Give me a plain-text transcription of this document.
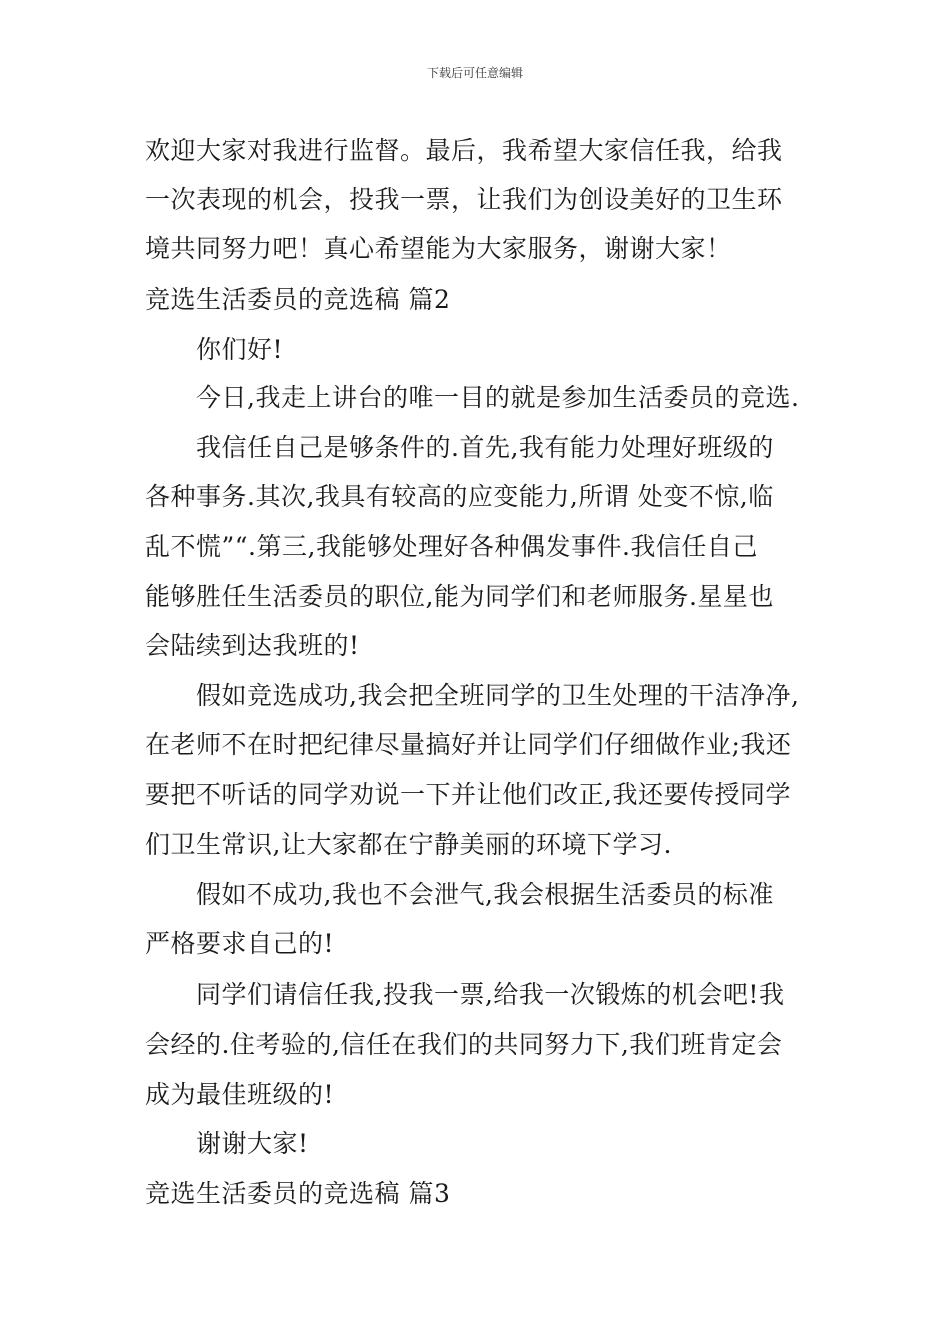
下载后可任意编辑
欢迎大家对我进行监督。最后，我希望大家信任我，给我
一次表现的机会，投我一票，让我们为创设美好的卫生环
境共同努力吧！真心希望能为大家服务，谢谢大家！
竞选生活委员的竞选稿 篇2
你们好!
今日,我走上讲台的唯一目的就是参加生活委员的竞选.
我信任自己是够条件的.首先,我有能力处理好班级的
各种事务.其次,我具有较高的应变能力,所谓 处变不惊,临
乱不慌”“.第三,我能够处理好各种偶发事件.我信任自己
能够胜任生活委员的职位,能为同学们和老师服务.星星也
会陆续到达我班的!
假如竞选成功,我会把全班同学的卫生处理的干洁净净,
在老师不在时把纪律尽量搞好并让同学们仔细做作业;我还
要把不听话的同学劝说一下并让他们改正,我还要传授同学
们卫生常识,让大家都在宁静美丽的环境下学习.
假如不成功,我也不会泄气,我会根据生活委员的标准
严格要求自己的!
同学们请信任我,投我一票,给我一次锻炼的机会吧!我
会经的.住考验的,信任在我们的共同努力下,我们班肯定会
成为最佳班级的!
谢谢大家!
竞选生活委员的竞选稿 篇3
